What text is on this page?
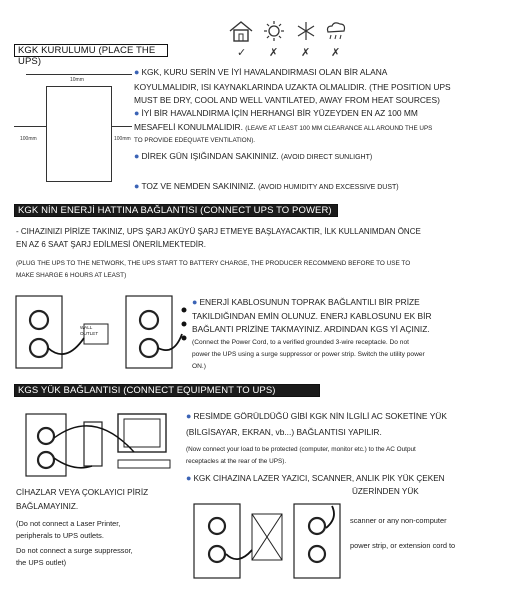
✓ ✗ ✗ ✗
KGK KURULUMU (PLACE THE UPS)
10mm
100mm	100mm
● KGK, KURU SERİN VE İYİ HAVALANDIRMASI OLAN BİR ALANA
KOYULMALIDIR, ISI KAYNAKLARINDA UZAKTA OLMALIDIR. (THE POSITION UPS
MUST BE DRY, COOL AND WELL VANTILATED, AWAY FROM HEAT SOURCES)
● İYİ BİR HAVALNDIRMA İÇİN HERHANGİ BİR YÜZEYDEN EN AZ 100 MM
MESAFELİ KONULMALIDIR. (LEAVE AT LEAST 100 MM CLEARANCE ALL AROUND THE UPS
TO PROVIDE EDEQUATE VENTILATION).
● DİREK GÜN IŞIĞINDAN SAKININIZ. (AVOID DIRECT SUNLIGHT)
● TOZ VE NEMDEN SAKININIZ. (AVOID HUMIDITY AND EXCESSIVE DUST)
KGK NİN ENERJİ HATTINA BAĞLANTISI (CONNECT UPS TO POWER)
- CIHAZINIZI PİRİZE TAKINIZ, UPS ŞARJ AKÜYÜ ŞARJ ETMEYE BAŞLAYACAKTIR, İLK KULLANIMDAN ÖNCE
EN AZ 6 SAAT ŞARJ EDİLMESİ ÖNERİLMEKTEDİR.
(PLUG THE UPS TO THE NETWORK, THE UPS START TO BATTERY CHARGE, THE PRODUCER RECOMMEND BEFORE TO USE TO
MAKE SHARGE 6 HOURS AT LEAST)
WALL OUTLET
● ENERJİ KABLOSUNUN TOPRAK BAĞLANTILI BİR PRİZE
TAKILDIĞINDAN EMİN OLUNUZ. ENERJ KABLOSUNU EK BİR
BAĞLANTI PRİZİNE TAKMAYINIZ. ARDINDAN KGS Yİ AÇINIZ.
(Connect the Power Cord, to a verified grounded 3-wire receptacle. Do not
power the UPS using a surge suppressor or power strip. Switch the utility power
ON.)
KGS YÜK BAĞLANTISI (CONNECT EQUIPMENT TO UPS)
● RESİMDE GÖRÜLDÜĞÜ GİBİ KGK NİN İLGİLİ AC SOKETİNE YÜK
(BİLGİSAYAR, EKRAN, vb...) BAĞLANTISI YAPILIR.
(Now connect your load to be protected (computer, monitor etc.) to the AC Output
receptacles at the rear of the UPS).
● KGK CIHAZINA LAZER YAZICI, SCANNER, ANLIK PİK YÜK ÇEKEN
ÜZERİNDEN YÜK
CİHAZLAR VEYA ÇOKLAYICI PİRİZ
BAĞLAMAYINIZ.
(Do not connect a Laser Printer,
peripherals to UPS outlets.
Do not connect a surge suppressor,
the UPS outlet)
scanner or any non-computer
power strip, or extension cord to
